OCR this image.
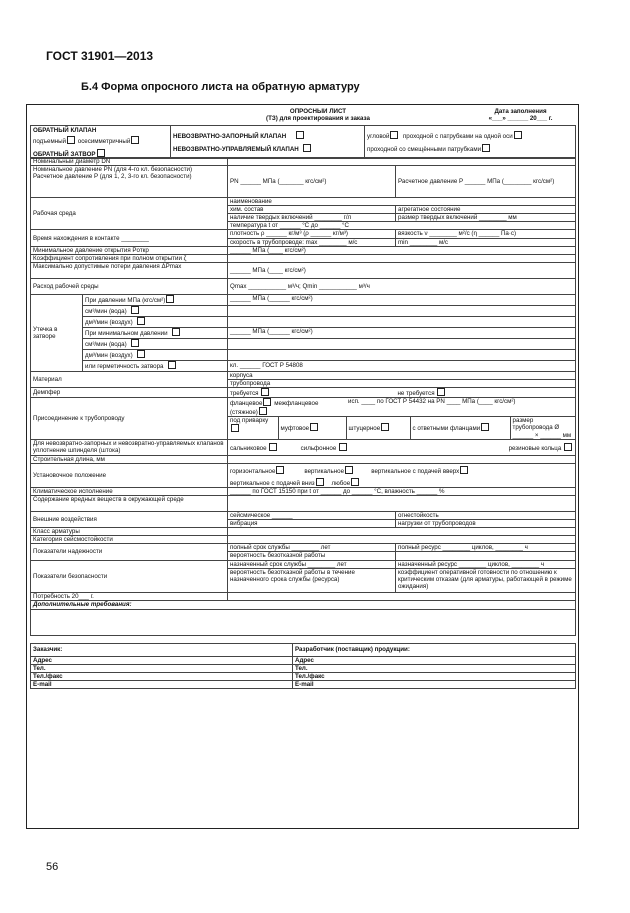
ГОСТ 31901—2013
Б.4 Форма опросного листа на обратную арматуру

ОПРОСНЫЙ ЛИСТ
(ТЗ) для проектирования и заказа

Дата заполнения
«___» ______ 20___ г.
ОБРАТНЫЙ КЛАПАН
подъемный осесимметричный
ОБРАТНЫЙ ЗАТВОР

НЕВОЗВРАТНО-ЗАПОРНЫЙ КЛАПАН
НЕВОЗВРАТНО-УПРАВЛЯЕМЫЙ КЛАПАН

угловой проходной с патрубками на одной оси
проходной со смещёнными патрубками
Номинальный диаметр DN	

Номинальное давление PN (для 4-го кл. безопасности)
Расчетное давление P (для 1, 2, 3-го кл. безопасности)

PN ______ МПа (_______ кгс/см²)	Расчетное давление P ______ МПа (________ кгс/см²)

Рабочая среда	наименование
хим. состав	агрегатное состояние
наличие твердых включений ________ г/л	размер твердых включений ________ мм
температура t от ______ °С до ______ °С
Время нахождения в контакте ________	плотность ρ ______ кг/м³ (ρ ______ кг/м³)	вязкость ν ________ м²/с (η ______ Па·с)
скорость в трубопроводе: max ________ м/с	min ________ м/с
Минимальное давление открытия Pоткр	______ МПа (____ кгс/см²)
Коэффициент сопротивления при полном открытии ζ	
Максимально допустимые потери давления ΔPmax	______ МПа (____ кгс/см²)
Расход рабочей среды	Qmax ___________ м³/ч; Qmin ___________ м³/ч
Утечка в затворе	При давлении МПа (кгс/см²)	______ МПа (______ кгс/см²)
см³/мин (вода)	
дм³/мин (воздух)	
При минимальном давлении	______ МПа (______ кгс/см²)
см³/мин (вода)	
дм³/мин (воздух)	
или герметичность затвора	кл. ______ ГОСТ Р 54808
Материал	корпуса
трубопровода
Демпфер	требуется	не требуется
Присоединение к трубопроводу	
фланцевое межфланцевое (стяжное)	исп. ____ по ГОСТ Р 54432 на PN ____ МПа (____ кгс/см²)
под приварку	муфтовое	штуцерное	с ответными фланцами	размер трубопровода Ø ______ × ______ мм

Для невозвратно-запорных и невозвратно-управляемых клапанов уплотнение шпинделя (штока)	сальниковое	сильфонное	резиновые кольца
Строительная длина, мм	
Установочное положение	
горизонтальное	вертикальное	вертикальное с подачей вверх
вертикальное с подачей вниз	любое

Климатическое исполнение	______ по ГОСТ 15150 при t от ______ до ______ °С, влажность ______ %
Содержание вредных веществ в окружающей среде	
Внешние воздействия	сейсмическое ______	огнестойкость
вибрация	нагрузки от трубопроводов
Класс арматуры	
Категория сейсмостойкости	
Показатели надежности	полный срок службы ________ лет	полный ресурс ________ циклов, ________ ч
вероятность безотказной работы	
Показатели безопасности	назначенный срок службы ________ лет	назначенный ресурс ________ циклов, ________ ч
вероятность безотказной работы в течение назначенного срока службы (ресурса)	коэффициент оперативной готовности по отношению к критическим отказам (для арматуры, работающей в режиме ожидания)
Потребность 20___ г.	
Дополнительные требования:

Заказчик:	Разработчик (поставщик) продукции:
Адрес	Адрес
Тел.	Тел.
Тел./факс	Тел./факс
E-mail	E-mail
56
